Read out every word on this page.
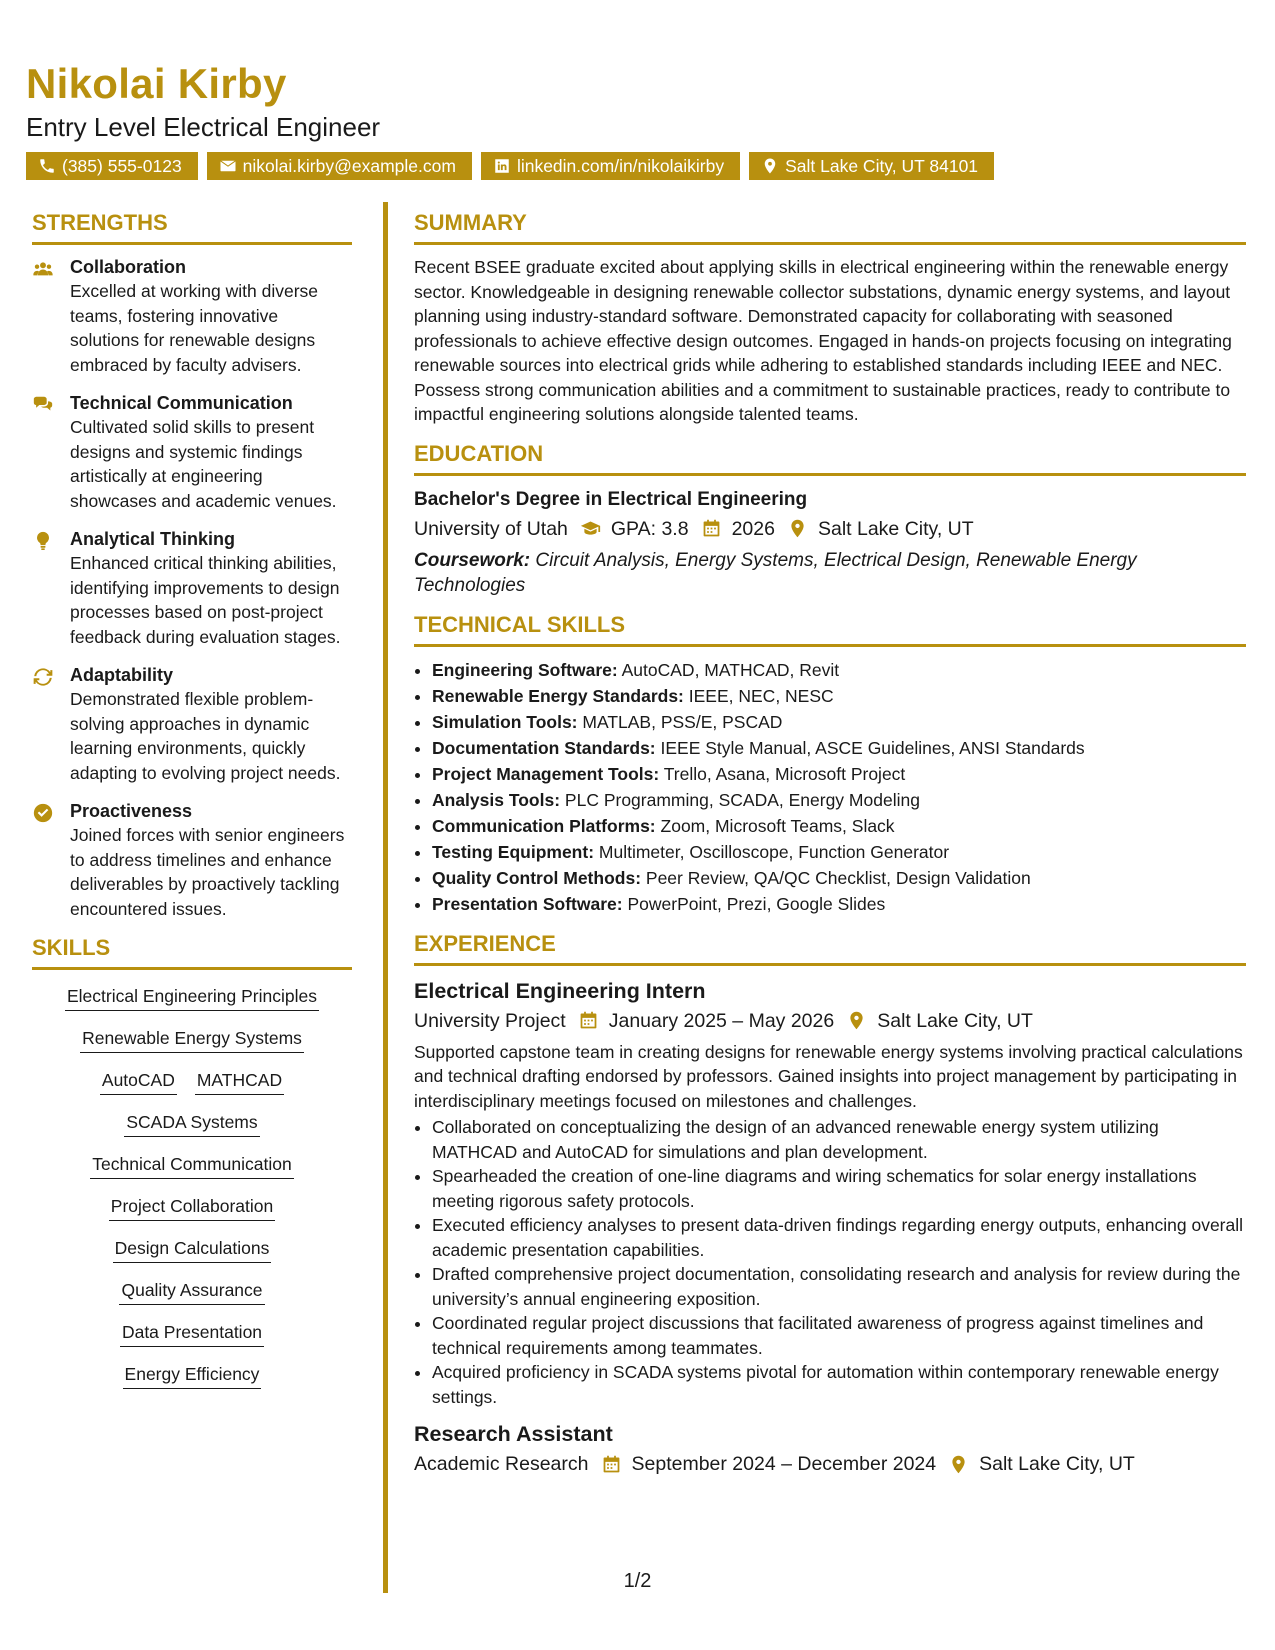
Nikolai Kirby
Entry Level Electrical Engineer
(385) 555-0123	nikolai.kirby@example.com	linkedin.com/in/nikolaikirby	Salt Lake City, UT 84101
STRENGTHS
Collaboration
Excelled at working with diverse teams, fostering innovative solutions for renewable designs embraced by faculty advisers.
Technical Communication
Cultivated solid skills to present designs and systemic findings artistically at engineering showcases and academic venues.
Analytical Thinking
Enhanced critical thinking abilities, identifying improvements to design processes based on post-project feedback during evaluation stages.
Adaptability
Demonstrated flexible problem-solving approaches in dynamic learning environments, quickly adapting to evolving project needs.
Proactiveness
Joined forces with senior engineers to address timelines and enhance deliverables by proactively tackling encountered issues.
SKILLS
Electrical Engineering Principles
Renewable Energy Systems
AutoCAD MATHCAD
SCADA Systems
Technical Communication
Project Collaboration
Design Calculations
Quality Assurance
Data Presentation
Energy Efficiency
SUMMARY

Recent BSEE graduate excited about applying skills in electrical engineering within the renewable energy sector. Knowledgeable in designing renewable collector substations, dynamic energy systems, and layout planning using industry-standard software. Demonstrated capacity for collaborating with seasoned professionals to achieve effective design outcomes. Engaged in hands-on projects focusing on integrating renewable sources into electrical grids while adhering to established standards including IEEE and NEC. Possess strong communication abilities and a commitment to sustainable practices, ready to contribute to impactful engineering solutions alongside talented teams.

EDUCATION
Bachelor's Degree in Electrical Engineering
University of Utah GPA: 3.8 2026 Salt Lake City, UT
Coursework: Circuit Analysis, Energy Systems, Electrical Design, Renewable Energy Technologies
TECHNICAL SKILLS
• Engineering Software: AutoCAD, MATHCAD, Revit
• Renewable Energy Standards: IEEE, NEC, NESC
• Simulation Tools: MATLAB, PSS/E, PSCAD
• Documentation Standards: IEEE Style Manual, ASCE Guidelines, ANSI Standards
• Project Management Tools: Trello, Asana, Microsoft Project
• Analysis Tools: PLC Programming, SCADA, Energy Modeling
• Communication Platforms: Zoom, Microsoft Teams, Slack
• Testing Equipment: Multimeter, Oscilloscope, Function Generator
• Quality Control Methods: Peer Review, QA/QC Checklist, Design Validation
• Presentation Software: PowerPoint, Prezi, Google Slides
EXPERIENCE
Electrical Engineering Intern
University Project January 2025 – May 2026 Salt Lake City, UT

Supported capstone team in creating designs for renewable energy systems involving practical calculations and technical drafting endorsed by professors. Gained insights into project management by participating in interdisciplinary meetings focused on milestones and challenges.

• Collaborated on conceptualizing the design of an advanced renewable energy system utilizing MATHCAD and AutoCAD for simulations and plan development.
• Spearheaded the creation of one-line diagrams and wiring schematics for solar energy installations meeting rigorous safety protocols.
• Executed efficiency analyses to present data-driven findings regarding energy outputs, enhancing overall academic presentation capabilities.
• Drafted comprehensive project documentation, consolidating research and analysis for review during the university’s annual engineering exposition.
• Coordinated regular project discussions that facilitated awareness of progress against timelines and technical requirements among teammates.
• Acquired proficiency in SCADA systems pivotal for automation within contemporary renewable energy settings.
Research Assistant
Academic Research September 2024 – December 2024 Salt Lake City, UT
1/2
